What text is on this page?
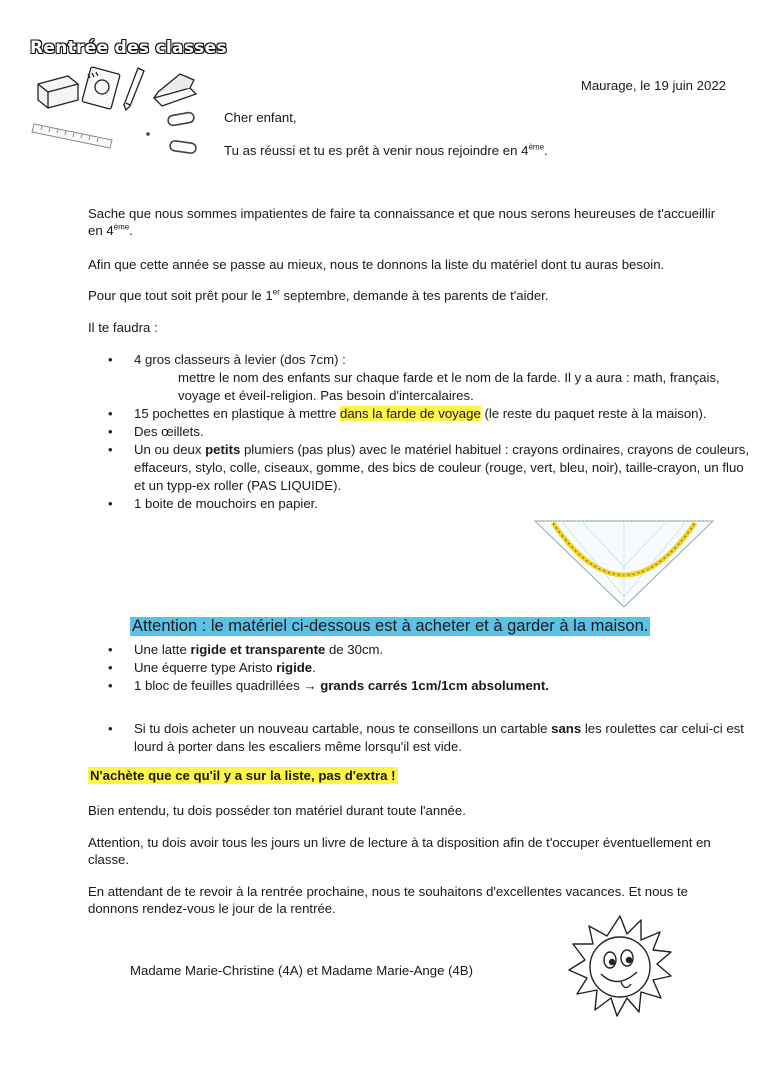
Rentrée des classes
Maurage, le 19 juin 2022
Cher enfant,
Tu as réussi et tu es prêt à venir nous rejoindre en 4ème.
Sache que nous sommes impatientes de faire ta connaissance et que nous serons heureuses de t'accueillir en 4ème.
Afin que cette année se passe au mieux, nous te donnons la liste du matériel dont tu auras besoin.
Pour que tout soit prêt pour le 1er septembre, demande à tes parents de t'aider.
Il te faudra :
• 4 gros classeurs à levier (dos 7cm) :
mettre le nom des enfants sur chaque farde et le nom de la farde. Il y a aura : math, français, voyage et éveil-religion. Pas besoin d'intercalaires.
• 15 pochettes en plastique à mettre dans la farde de voyage (le reste du paquet reste à la maison).
• Des œillets.
• Un ou deux petits plumiers (pas plus) avec le matériel habituel : crayons ordinaires, crayons de couleurs, effaceurs, stylo, colle, ciseaux, gomme, des bics de couleur (rouge, vert, bleu, noir), taille-crayon, un fluo et un typp-ex roller (PAS LIQUIDE).
• 1 boite de mouchoirs en papier.
Attention : le matériel ci-dessous est à acheter et à garder à la maison.
• Une latte rigide et transparente de 30cm.
• Une équerre type Aristo rigide.
• 1 bloc de feuilles quadrillées → grands carrés 1cm/1cm absolument.
• Si tu dois acheter un nouveau cartable, nous te conseillons un cartable sans les roulettes car celui-ci est lourd à porter dans les escaliers même lorsqu'il est vide.
N'achète que ce qu'il y a sur la liste, pas d'extra !
Bien entendu, tu dois posséder ton matériel durant toute l'année.
Attention, tu dois avoir tous les jours un livre de lecture à ta disposition afin de t'occuper éventuellement en classe.
En attendant de te revoir à la rentrée prochaine, nous te souhaitons d'excellentes vacances. Et nous te donnons rendez-vous le jour de la rentrée.
Madame Marie-Christine (4A) et Madame Marie-Ange (4B)
